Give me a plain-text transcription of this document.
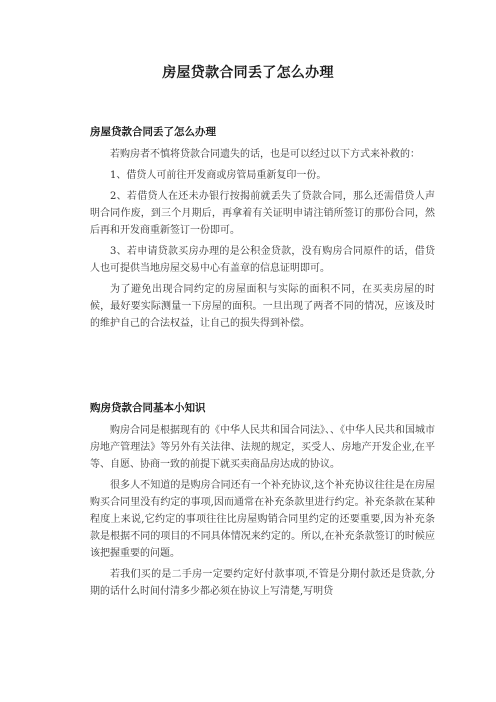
房屋贷款合同丢了怎么办理
房屋贷款合同丢了怎么办理

若购房者不慎将贷款合同遗失的话，也是可以经过以下方式来补救的：

1、借贷人可前往开发商或房管局重新复印一份。

2、若借贷人在还未办银行按揭前就丢失了贷款合同，那么还需借贷人声明合同作废，到三个月期后，再拿着有关证明申请注销所签订的那份合同，然后再和开发商重新签订一份即可。

3、若申请贷款买房办理的是公积金贷款，没有购房合同原件的话，借贷人也可提供当地房屋交易中心有盖章的信息证明即可。

为了避免出现合同约定的房屋面积与实际的面积不同，在买卖房屋的时候，最好要实际测量一下房屋的面积。一旦出现了两者不同的情况，应该及时的维护自己的合法权益，让自己的损失得到补偿。

购房贷款合同基本小知识

购房合同是根据现有的《中华人民共和国合同法》、、《中华人民共和国城市房地产管理法》等另外有关法律、法规的规定，买受人、房地产开发企业,在平等、自愿、协商一致的前提下就买卖商品房达成的协议。

很多人不知道的是购房合同还有一个补充协议,这个补充协议往往是在房屋购买合同里没有约定的事项,因而通常在补充条款里进行约定。补充条款在某种程度上来说,它约定的事项往往比房屋购销合同里约定的还要重要,因为补充条款是根据不同的项目的不同具体情况来约定的。所以,在补充条款签订的时候应该把握重要的问题。

若我们买的是二手房一定要约定好付款事项,不管是分期付款还是贷款,分期的话什么时间付清多少都必须在协议上写清楚,写明贷
